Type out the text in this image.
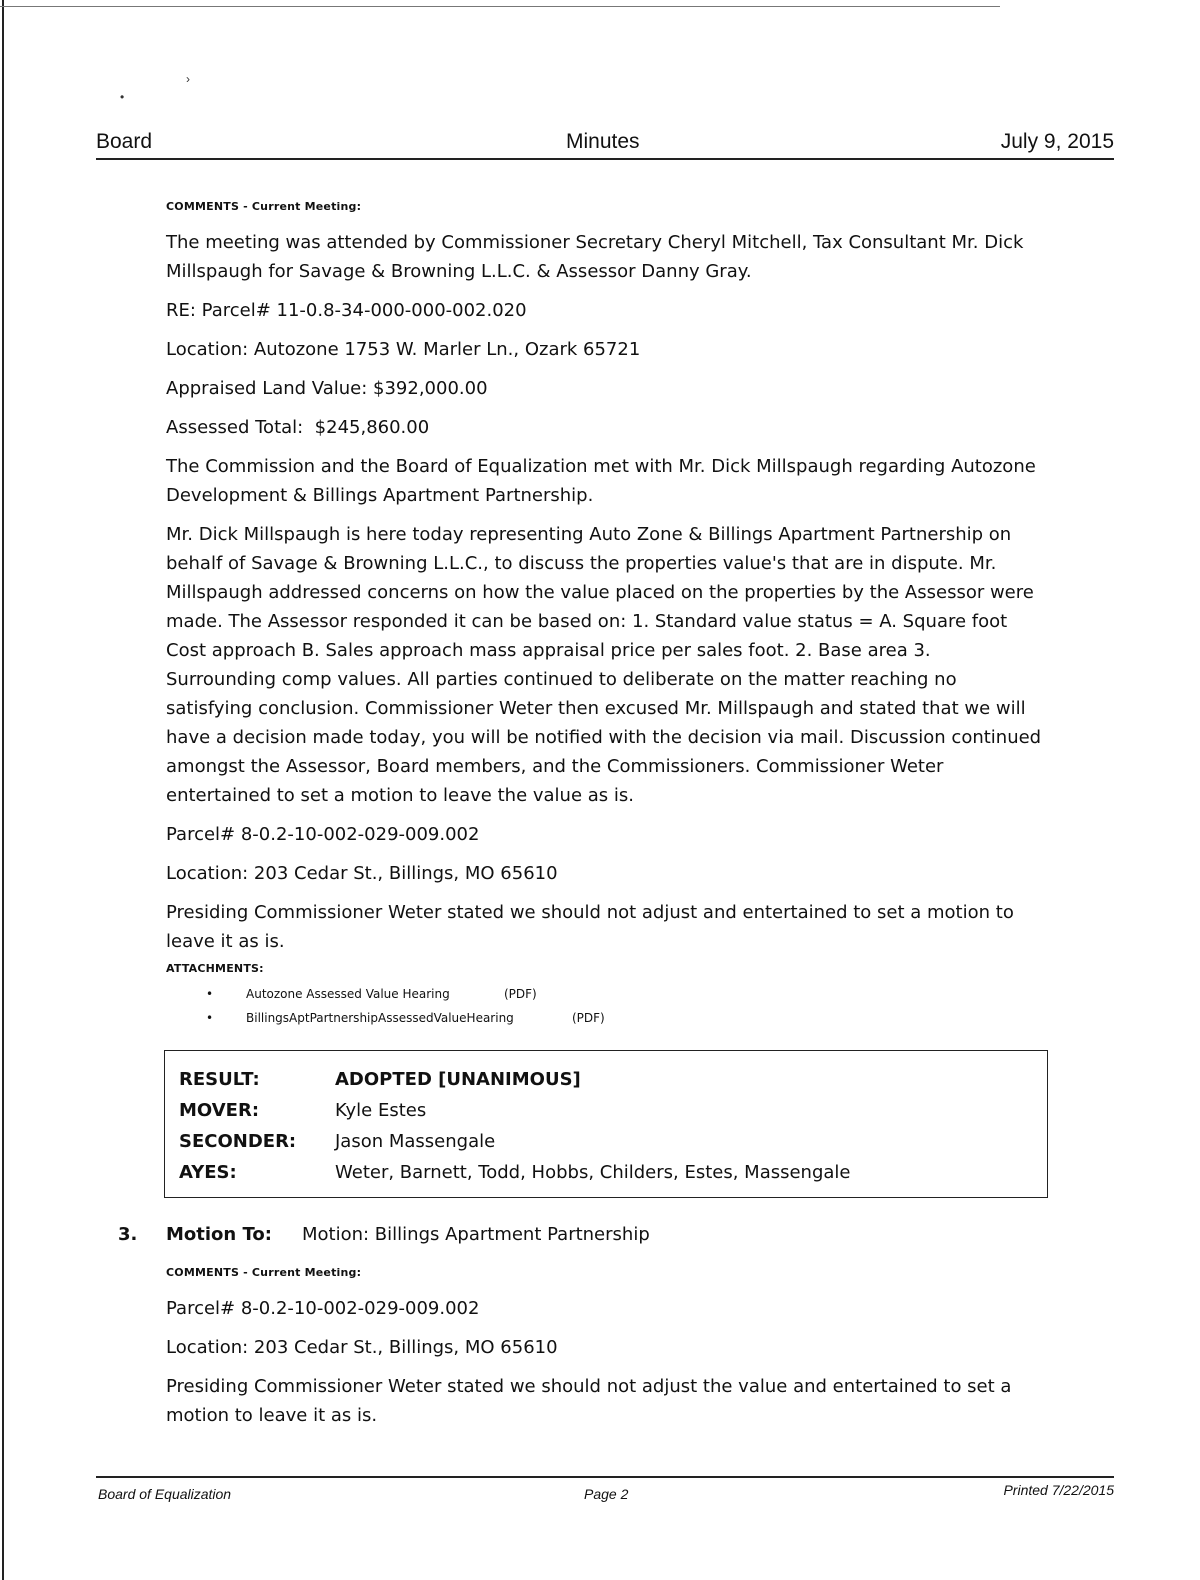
›
•
Board	Minutes	July 9, 2015
COMMENTS - Current Meeting:
The meeting was attended by Commissioner Secretary Cheryl Mitchell, Tax Consultant Mr. Dick Millspaugh for Savage & Browning L.L.C. & Assessor Danny Gray.
RE: Parcel# 11-0.8-34-000-000-002.020
Location: Autozone 1753 W. Marler Ln., Ozark 65721
Appraised Land Value: $392,000.00
Assessed Total:  $245,860.00
The Commission and the Board of Equalization met with Mr. Dick Millspaugh regarding Autozone Development & Billings Apartment Partnership.
Mr. Dick Millspaugh is here today representing Auto Zone & Billings Apartment Partnership on behalf of Savage & Browning L.L.C., to discuss the properties value's that are in dispute. Mr. Millspaugh addressed concerns on how the value placed on the properties by the Assessor were made. The Assessor responded it can be based on: 1. Standard value status = A. Square foot Cost approach B. Sales approach mass appraisal price per sales foot. 2. Base area 3. Surrounding comp values. All parties continued to deliberate on the matter reaching no satisfying conclusion. Commissioner Weter then excused Mr. Millspaugh and stated that we will have a decision made today, you will be notified with the decision via mail. Discussion continued amongst the Assessor, Board members, and the Commissioners. Commissioner Weter entertained to set a motion to leave the value as is.
Parcel# 8-0.2-10-002-029-009.002
Location: 203 Cedar St., Billings, MO 65610
Presiding Commissioner Weter stated we should not adjust and entertained to set a motion to leave it as is.
ATTACHMENTS:
•	Autozone Assessed Value Hearing	(PDF)
•	BillingsAptPartnershipAssessedValueHearing	(PDF)
RESULT:	ADOPTED [UNANIMOUS]
MOVER:	Kyle Estes
SECONDER:	Jason Massengale
AYES:	Weter, Barnett, Todd, Hobbs, Childers, Estes, Massengale
3. Motion To: Motion: Billings Apartment Partnership
COMMENTS - Current Meeting:
Parcel# 8-0.2-10-002-029-009.002
Location: 203 Cedar St., Billings, MO 65610
Presiding Commissioner Weter stated we should not adjust the value and entertained to set a motion to leave it as is.
Board of Equalization	Page 2	Printed 7/22/2015
